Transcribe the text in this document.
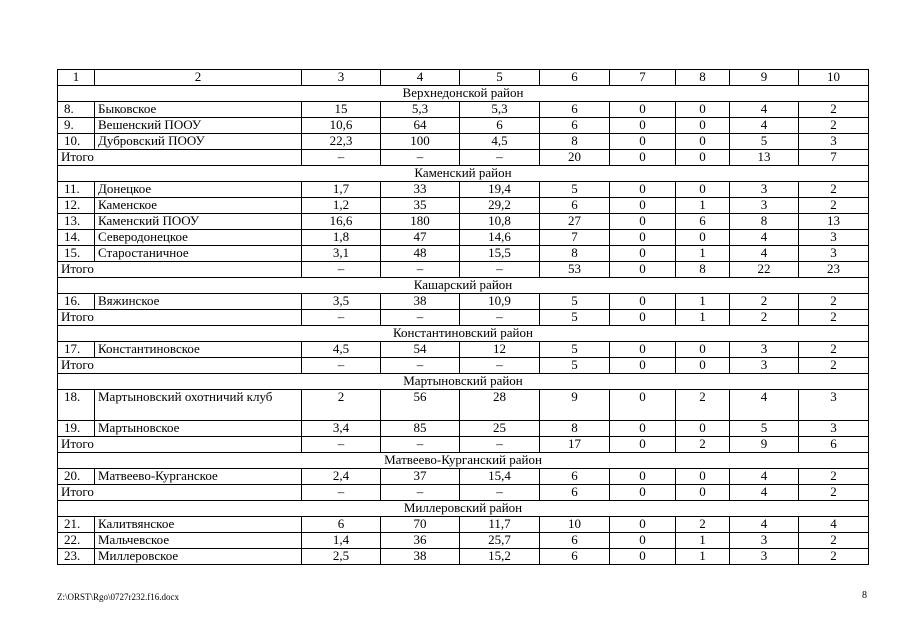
1	2	3	4	5	6	7	8	9	10
Верхнедонской район									
8.	Быковское	15	5,3	5,3	6	0	0	4	2
9.	Вешенский ПООУ	10,6	64	6	6	0	0	4	2
10.	Дубровский ПООУ	22,3	100	4,5	8	0	0	5	3
Итого		–	–	–	20	0	0	13	7
Каменский район									
11.	Донецкое	1,7	33	19,4	5	0	0	3	2
12.	Каменское	1,2	35	29,2	6	0	1	3	2
13.	Каменский ПООУ	16,6	180	10,8	27	0	6	8	13
14.	Северодонецкое	1,8	47	14,6	7	0	0	4	3
15.	Старостаничное	3,1	48	15,5	8	0	1	4	3
Итого		–	–	–	53	0	8	22	23
Кашарский район									
16.	Вяжинское	3,5	38	10,9	5	0	1	2	2
Итого		–	–	–	5	0	1	2	2
Константиновский район									
17.	Константиновское	4,5	54	12	5	0	0	3	2
Итого		–	–	–	5	0	0	3	2
Мартыновский район									
18.	Мартыновский охотничий клуб	2	56	28	9	0	2	4	3
19.	Мартыновское	3,4	85	25	8	0	0	5	3
Итого		–	–	–	17	0	2	9	6
Матвеево-Курганский район									
20.	Матвеево-Курганское	2,4	37	15,4	6	0	0	4	2
Итого		–	–	–	6	0	0	4	2
Миллеровский район									
21.	Калитвянское	6	70	11,7	10	0	2	4	4
22.	Мальчевское	1,4	36	25,7	6	0	1	3	2
23.	Миллеровское	2,5	38	15,2	6	0	1	3	2
Z:\ORST\Rgo\0727r232.f16.docx	8
